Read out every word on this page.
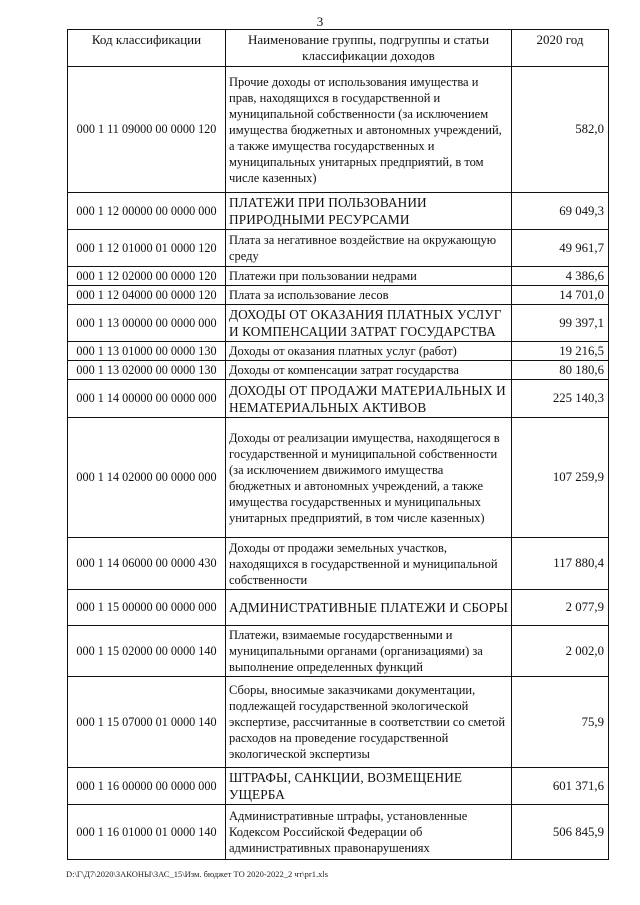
3
Код классификации	Наименование группы, подгруппы и статьи классификации доходов	2020 год
000 1 11 09000 00 0000 120	Прочие доходы от использования имущества и прав, находящихся в государственной и муниципальной собственности (за исключением имущества бюджетных и автономных учреждений, а также имущества государственных и муниципальных унитарных предприятий, в том числе казенных)	582,0
000 1 12 00000 00 0000 000	ПЛАТЕЖИ ПРИ ПОЛЬЗОВАНИИ ПРИРОДНЫМИ РЕСУРСАМИ	69 049,3
000 1 12 01000 01 0000 120	Плата за негативное воздействие на окружающую среду	49 961,7
000 1 12 02000 00 0000 120	Платежи при пользовании недрами	4 386,6
000 1 12 04000 00 0000 120	Плата за использование лесов	14 701,0
000 1 13 00000 00 0000 000	ДОХОДЫ ОТ ОКАЗАНИЯ ПЛАТНЫХ УСЛУГ И КОМПЕНСАЦИИ ЗАТРАТ ГОСУДАРСТВА	99 397,1
000 1 13 01000 00 0000 130	Доходы от оказания платных услуг (работ)	19 216,5
000 1 13 02000 00 0000 130	Доходы от компенсации затрат государства	80 180,6
000 1 14 00000 00 0000 000	ДОХОДЫ ОТ ПРОДАЖИ МАТЕРИАЛЬНЫХ И НЕМАТЕРИАЛЬНЫХ АКТИВОВ	225 140,3
000 1 14 02000 00 0000 000	Доходы от реализации имущества, находящегося в государственной и муниципальной собственности (за исключением движимого имущества бюджетных и автономных учреждений, а также имущества государственных и муниципальных унитарных предприятий, в том числе казенных)	107 259,9
000 1 14 06000 00 0000 430	Доходы от продажи земельных участков, находящихся в государственной и муниципальной собственности	117 880,4
000 1 15 00000 00 0000 000	АДМИНИСТРАТИВНЫЕ ПЛАТЕЖИ И СБОРЫ	2 077,9
000 1 15 02000 00 0000 140	Платежи, взимаемые государственными и муниципальными органами (организациями) за выполнение определенных функций	2 002,0
000 1 15 07000 01 0000 140	Сборы, вносимые заказчиками документации, подлежащей государственной экологической экспертизе, рассчитанные в соответствии со сметой расходов на проведение государственной экологической экспертизы	75,9
000 1 16 00000 00 0000 000	ШТРАФЫ, САНКЦИИ, ВОЗМЕЩЕНИЕ УЩЕРБА	601 371,6
000 1 16 01000 01 0000 140	Административные штрафы, установленные Кодексом Российской Федерации об административных правонарушениях	506 845,9
D:\Г\Д7\2020\ЗАКОНЫ\ЗАС_15\Изм. бюджет ТО 2020-2022_2 чт\pr1.xls
